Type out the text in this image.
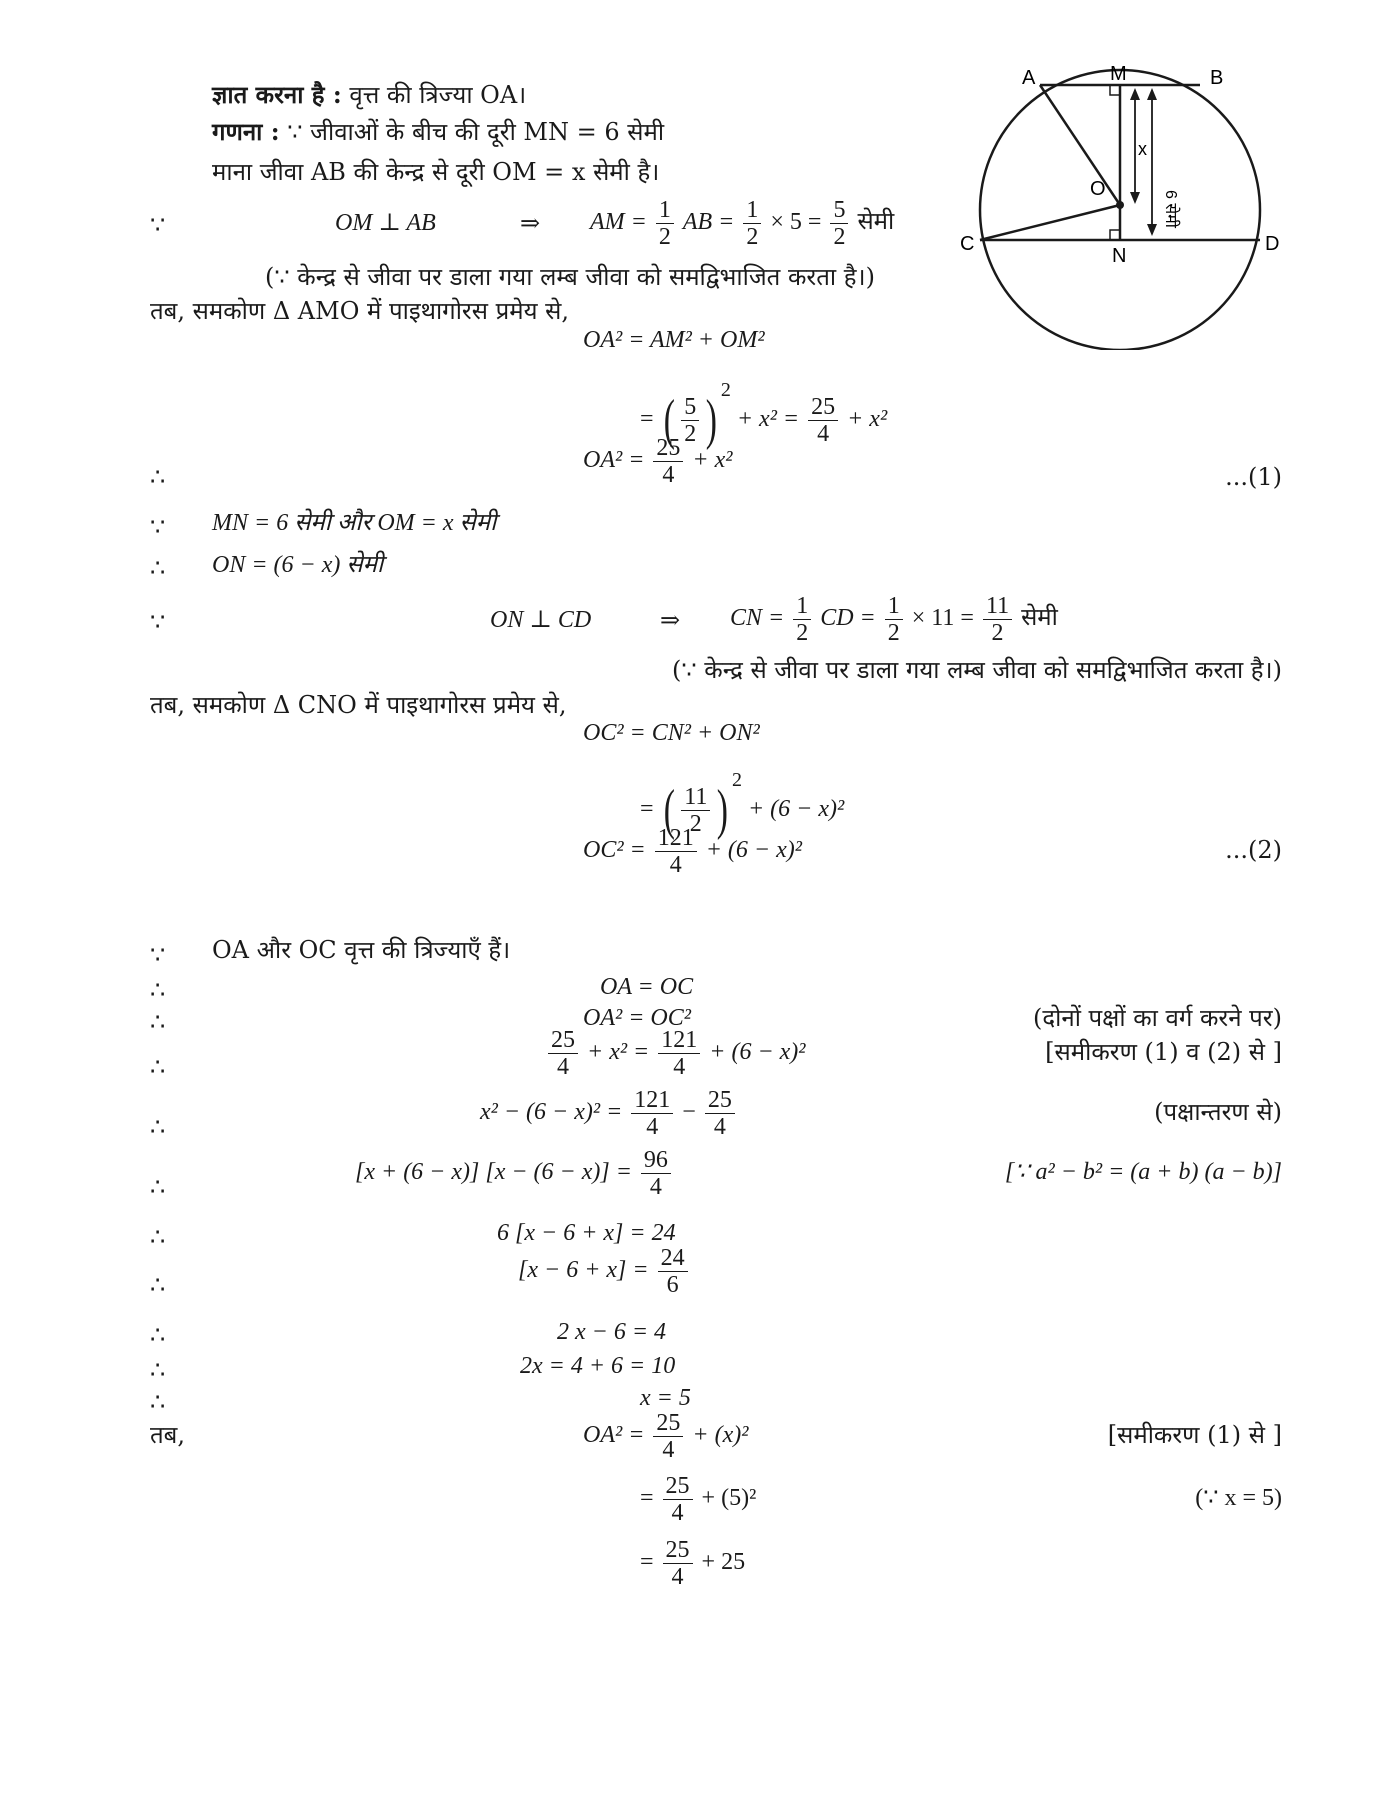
A	M	B
C	D
N
O
x
6 सेमी
ज्ञात करना है : वृत्त की त्रिज्या OA।
गणना : ∵ जीवाओं के बीच की दूरी MN = 6 सेमी
माना जीवा AB की केन्द्र से दूरी OM = x सेमी है।
∵	OM ⊥ AB	⇒ AM = $\frac{1}{2}$ AB = $\frac{1}{2} \times 5 = \frac{5}{2}$ सेमी
(∵ केन्द्र से जीवा पर डाला गया लम्ब जीवा को समद्विभाजित करता है।)
तब, समकोण Δ AMO में पाइथागोरस प्रमेय से,
OA² = AM² + OM²
= ( $\frac{5}{2}$ ) $2 + x^2 = \frac{25}{4} + x^2$
∴
$OA^2 = \frac{25}{4} + x^2$
...(1)
∵ MN = 6 सेमी और OM = x सेमी
∴ ON = (6 − x) सेमी
∵	ON ⊥ CD	⇒ CN = $\frac{1}{2}$ CD = $\frac{1}{2} \times 11 = \frac{11}{2}$ सेमी
(∵ केन्द्र से जीवा पर डाला गया लम्ब जीवा को समद्विभाजित करता है।)
तब, समकोण Δ CNO में पाइथागोरस प्रमेय से,
OC² = CN² + ON²
= ( $\frac{11}{2}$ ) 2 + (6 − x)²
$OC^2 = \frac{121}{4} + (6 - x)^2$	...(2)
∵ OA और OC वृत्त की त्रिज्याएँ हैं।
∴	OA = OC
∴	OA² = OC²	(दोनों पक्षों का वर्ग करने पर)
∴	$\frac{25}{4} + x^2 = \frac{121}{4} + (6 - x)^2$	[समीकरण (1) व (2) से ]
∴
$x^2 - (6 - x)^2 = \frac{121}{4} - \frac{25}{4}$	(पक्षान्तरण से)
∴
[x + (6 − x)] $[x - (6 - x)] = \frac{96}{4}$	[∵ a² − b² = (a + b) (a − b)]
∴	6 [x − 6 + x] = 24
∴
$[x - 6 + x] = \frac{24}{6}$
∴	2 x − 6 = 4
∴	2x = 4 + 6 = 10
∴	x = 5
तब,	$OA^2 = \frac{25}{4} + (x)^2$	[समीकरण (1) से ]
= $\frac{25}{4} + (5)^2$	(∵ x = 5)
= $\frac{25}{4} + 25$
